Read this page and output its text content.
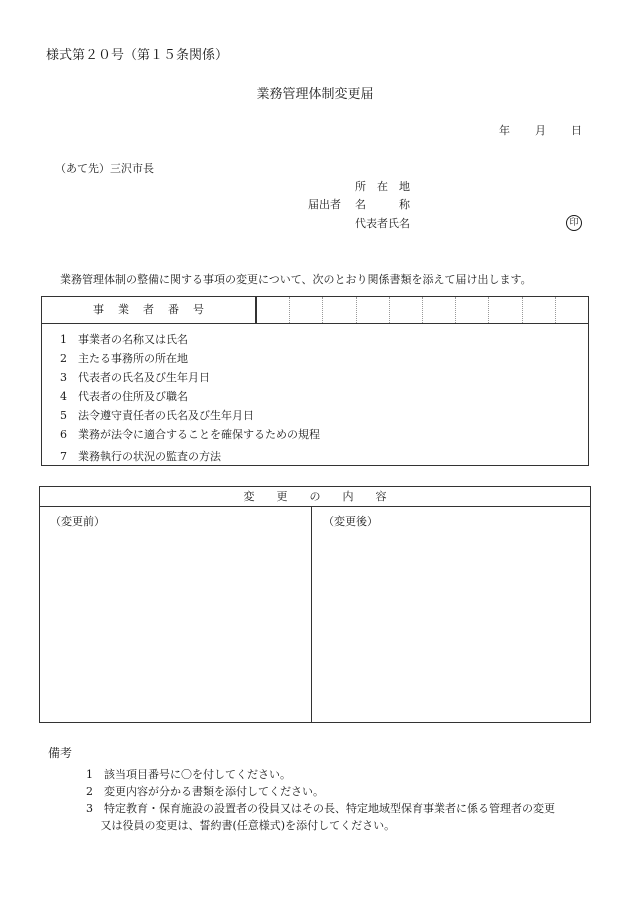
様式第２０号（第１５条関係）
業務管理体制変更届
年 月 日
（あて先）三沢市長
所　在　地
届出者 名　　　称
代表者氏名	印
業務管理体制の整備に関する事項の変更について、次のとおり関係書類を添えて届け出します。
事業者番号
1　事業者の名称又は氏名
2　主たる事務所の所在地
3　代表者の氏名及び生年月日
4　代表者の住所及び職名
5　法令遵守責任者の氏名及び生年月日
6　業務が法令に適合することを確保するための規程
7　業務執行の状況の監査の方法
変更の内容
（変更前）	（変更後）
備考
1　該当項目番号に〇を付してください。
2　変更内容が分かる書類を添付してください。
3　特定教育・保育施設の設置者の役員又はその長、特定地域型保育事業者に係る管理者の変更
　 又は役員の変更は、誓約書(任意様式)を添付してください。
